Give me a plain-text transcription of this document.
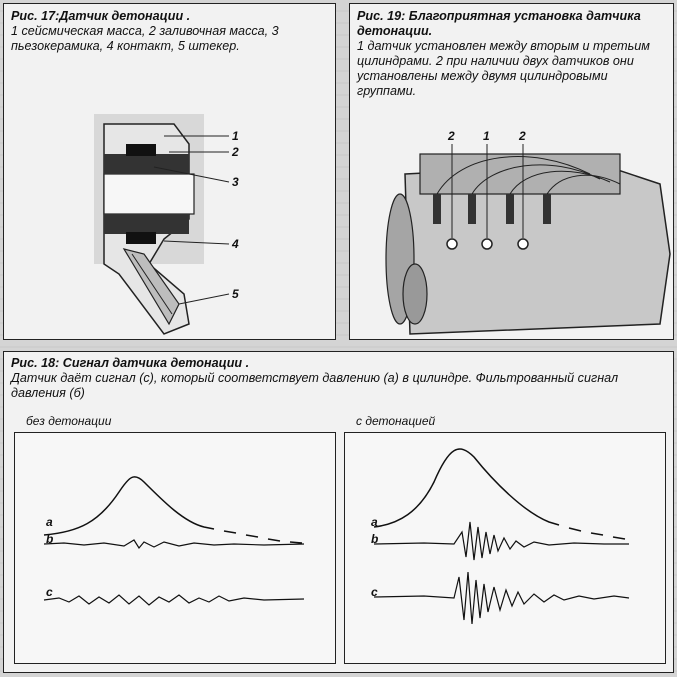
Рис. 17:Датчик детонации .
1 сейсмическая масса, 2 заливочная масса, 3
пьезокерамика, 4 контакт, 5 штекер.
1
2
3
4
5
Рис. 19: Благоприятная установка датчика
детонации.
1 датчик установлен между вторым и третьим
цилиндрами. 2 при наличии двух датчиков они
установлены между двумя цилиндровыми
группами.
2 1 2
Рис. 18: Сигнал датчика детонации .
Датчик даёт сигнал (c), который соответствует давлению (a) в цилиндре. Фильтрованный сигнал
давления (б)
без детонации	с детонацией
a
b
c
a
b
c
